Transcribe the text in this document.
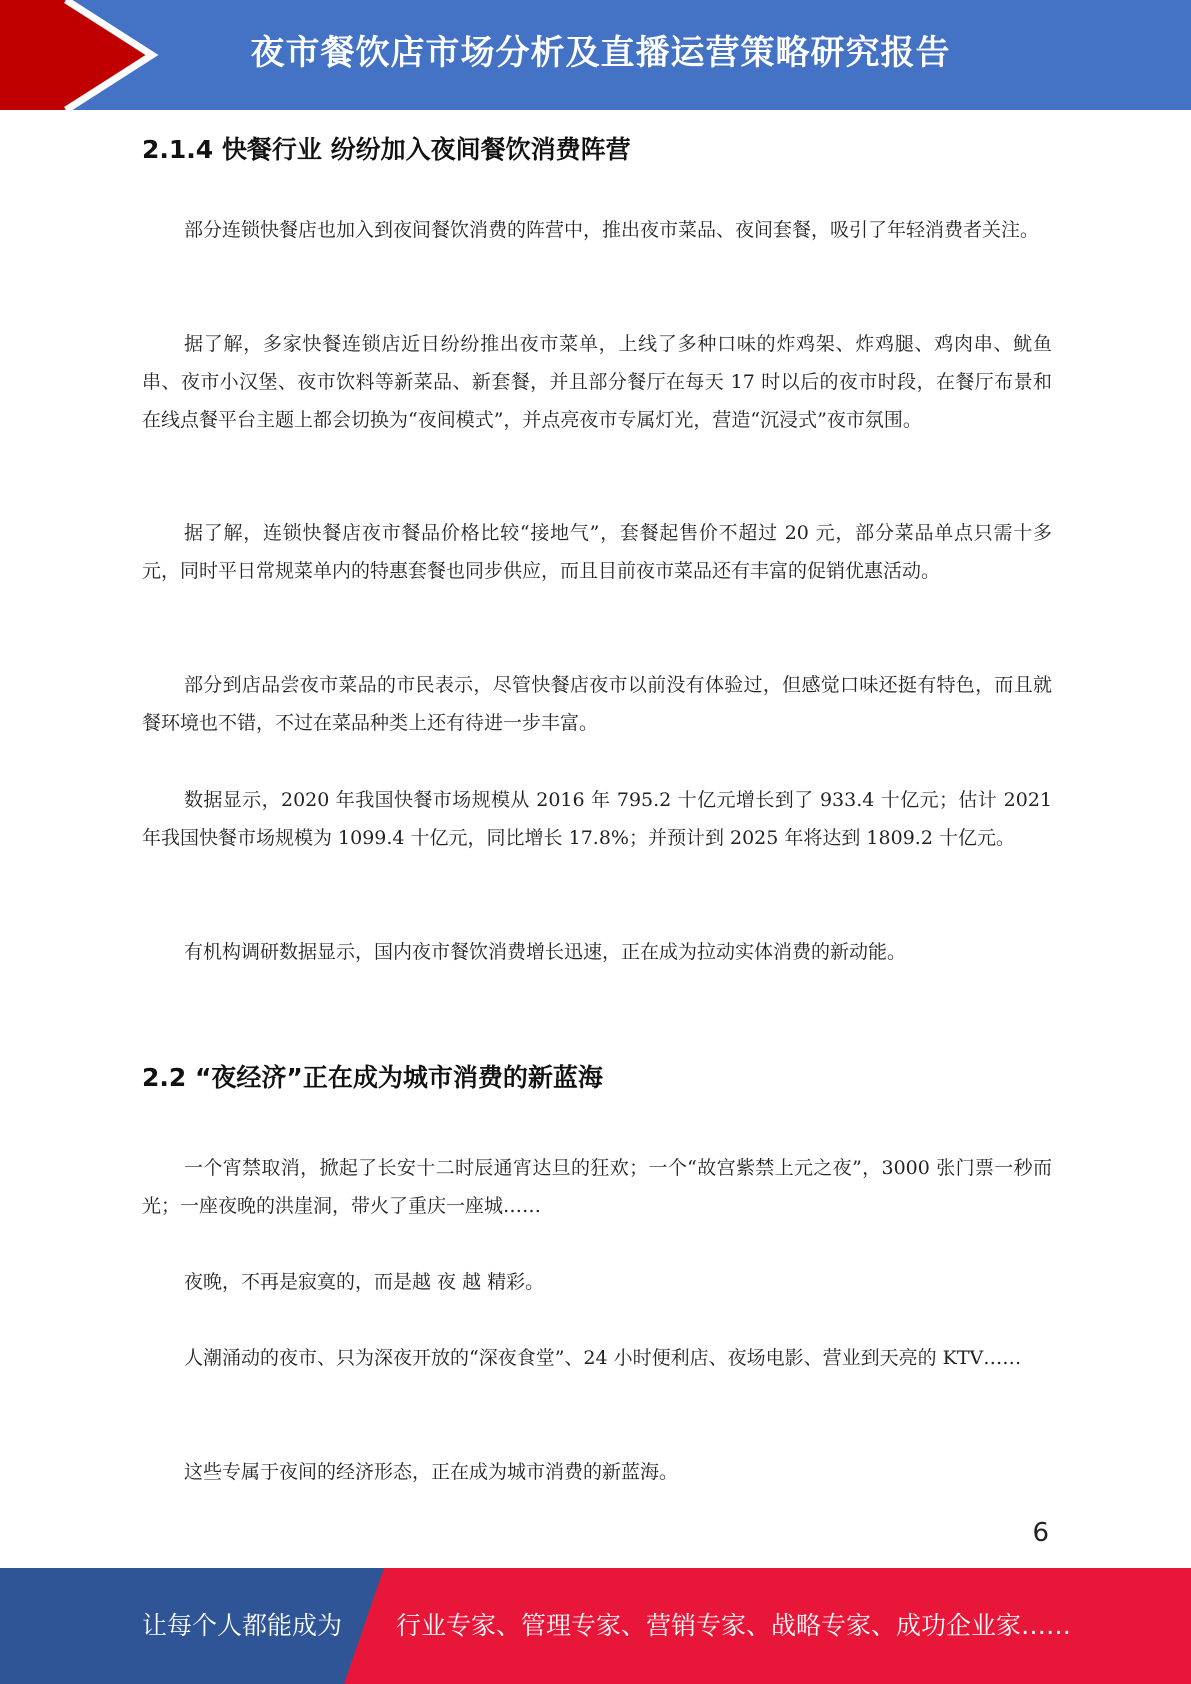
夜市餐饮店市场分析及直播运营策略研究报告
2.1.4 快餐行业 纷纷加入夜间餐饮消费阵营
部分连锁快餐店也加入到夜间餐饮消费的阵营中，推出夜市菜品、夜间套餐，吸引了年轻消费者关注。
据了解，多家快餐连锁店近日纷纷推出夜市菜单，上线了多种口味的炸鸡架、炸鸡腿、鸡肉串、鱿鱼串、夜市小汉堡、夜市饮料等新菜品、新套餐，并且部分餐厅在每天 17 时以后的夜市时段，在餐厅布景和在线点餐平台主题上都会切换为“夜间模式”，并点亮夜市专属灯光，营造“沉浸式”夜市氛围。
据了解，连锁快餐店夜市餐品价格比较“接地气”，套餐起售价不超过 20 元，部分菜品单点只需十多元，同时平日常规菜单内的特惠套餐也同步供应，而且目前夜市菜品还有丰富的促销优惠活动。
部分到店品尝夜市菜品的市民表示，尽管快餐店夜市以前没有体验过，但感觉口味还挺有特色，而且就餐环境也不错，不过在菜品种类上还有待进一步丰富。
数据显示，2020 年我国快餐市场规模从 2016 年 795.2 十亿元增长到了 933.4 十亿元；估计 2021 年我国快餐市场规模为 1099.4 十亿元，同比增长 17.8%；并预计到 2025 年将达到 1809.2 十亿元。
有机构调研数据显示，国内夜市餐饮消费增长迅速，正在成为拉动实体消费的新动能。
2.2 “夜经济”正在成为城市消费的新蓝海
一个宵禁取消，掀起了长安十二时辰通宵达旦的狂欢；一个“故宫紫禁上元之夜”，3000 张门票一秒而光；一座夜晚的洪崖洞，带火了重庆一座城……
夜晚，不再是寂寞的，而是越 夜 越 精彩。
人潮涌动的夜市、只为深夜开放的“深夜食堂”、24 小时便利店、夜场电影、营业到天亮的 KTV……
这些专属于夜间的经济形态，正在成为城市消费的新蓝海。
6
让每个人都能成为 行业专家、管理专家、营销专家、战略专家、成功企业家……
